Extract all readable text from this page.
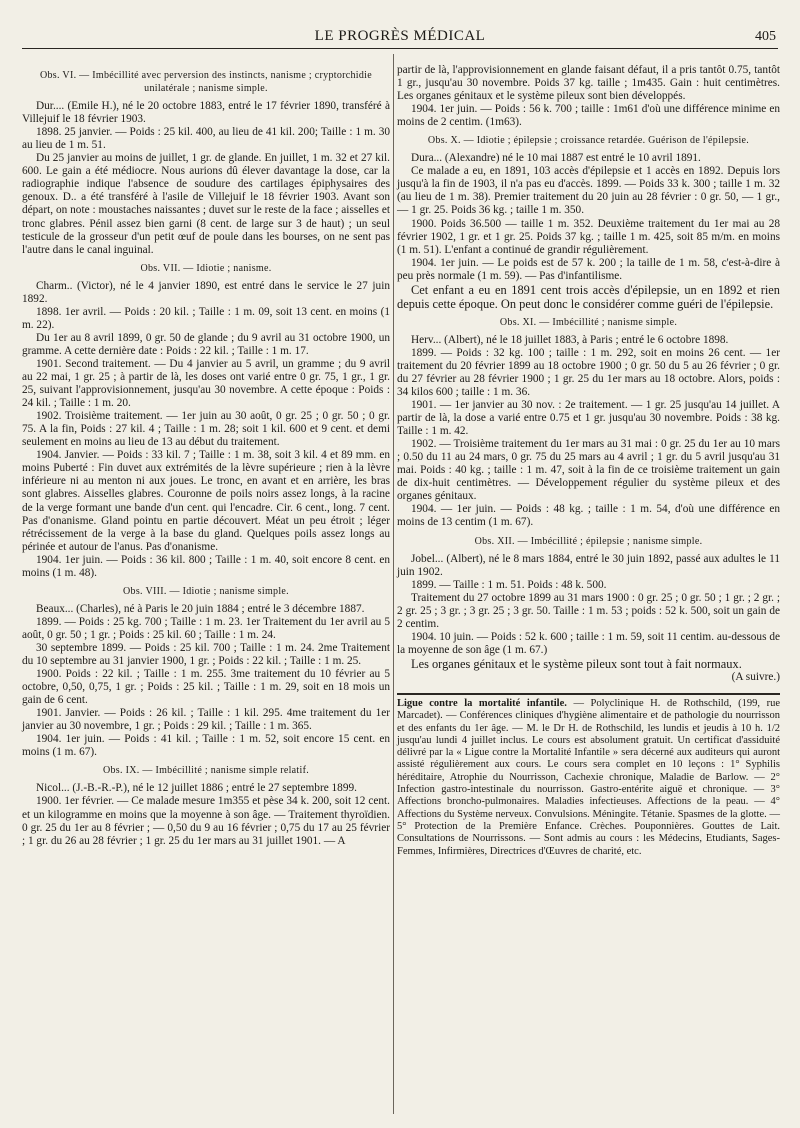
LE PROGRÈS MÉDICAL	405
Obs. VI. — Imbécillité avec perversion des instincts, nanisme ; cryptorchidie unilatérale ; nanisme simple.

Dur.... (Emile H.), né le 20 octobre 1883, entré le 17 février 1890, transféré à Villejuif le 18 février 1903.

1898. 25 janvier. — Poids : 25 kil. 400, au lieu de 41 kil. 200; Taille : 1 m. 30 au lieu de 1 m. 51.

Du 25 janvier au moins de juillet, 1 gr. de glande. En juillet, 1 m. 32 et 27 kil. 600. Le gain a été médiocre. Nous aurions dû élever davantage la dose, car la radiographie indique l'absence de soudure des cartilages épiphysaires des genoux. D.. a été transféré à l'asile de Villejuif le 18 février 1903. Avant son départ, on note : moustaches naissantes ; duvet sur le reste de la face ; aisselles et tronc glabres. Pénil assez bien garni (8 cent. de large sur 3 de haut) ; un seul testicule de la grosseur d'un petit œuf de poule dans les bourses, on ne sent pas l'autre dans le canal inguinal.

Obs. VII. — Idiotie ; nanisme.

Charm.. (Victor), né le 4 janvier 1890, est entré dans le service le 27 juin 1892.

1898. 1er avril. — Poids : 20 kil. ; Taille : 1 m. 09, soit 13 cent. en moins (1 m. 22).

Du 1er au 8 avril 1899, 0 gr. 50 de glande ; du 9 avril au 31 octobre 1900, un gramme. A cette dernière date : Poids : 22 kil. ; Taille : 1 m. 17.

1901. Second traitement. — Du 4 janvier au 5 avril, un gramme ; du 9 avril au 22 mai, 1 gr. 25 ; à partir de là, les doses ont varié entre 0 gr. 75, 1 gr., 1 gr. 25, suivant l'approvisionnement, jusqu'au 30 novembre. A cette époque : Poids : 24 kil. ; Taille : 1 m. 20.

1902. Troisième traitement. — 1er juin au 30 août, 0 gr. 25 ; 0 gr. 50 ; 0 gr. 75. A la fin, Poids : 27 kil. 4 ; Taille : 1 m. 28; soit 1 kil. 600 et 9 cent. et demi seulement en moins au lieu de 13 au début du traitement.

1904. Janvier. — Poids : 33 kil. 7 ; Taille : 1 m. 38, soit 3 kil. 4 et 89 mm. en moins Puberté : Fin duvet aux extrémités de la lèvre supérieure ; rien à la lèvre inférieure ni au menton ni aux joues. Le tronc, en avant et en arrière, les bras sont glabres. Aisselles glabres. Couronne de poils noirs assez longs, à la racine de la verge formant une bande d'un cent. qui l'encadre. Cir. 6 cent., long. 7 cent. Pas d'onanisme. Gland pointu en partie découvert. Méat un peu étroit ; léger rétrécissement de la verge à la base du gland. Quelques poils assez longs au périnée et autour de l'anus. Pas d'onanisme.

1904. 1er juin. — Poids : 36 kil. 800 ; Taille : 1 m. 40, soit encore 8 cent. en moins (1 m. 48).

Obs. VIII. — Idiotie ; nanisme simple.

Beaux... (Charles), né à Paris le 20 juin 1884 ; entré le 3 décembre 1887.

1899. — Poids : 25 kg. 700 ; Taille : 1 m. 23. 1er Traitement du 1er avril au 5 août, 0 gr. 50 ; 1 gr. ; Poids : 25 kil. 60 ; Taille : 1 m. 24.

30 septembre 1899. — Poids : 25 kil. 700 ; Taille : 1 m. 24. 2me Traitement du 10 septembre au 31 janvier 1900, 1 gr. ; Poids : 22 kil. ; Taille : 1 m. 25.

1900. Poids : 22 kil. ; Taille : 1 m. 255. 3me traitement du 10 février au 5 octobre, 0,50, 0,75, 1 gr. ; Poids : 25 kil. ; Taille : 1 m. 29, soit en 18 mois un gain de 6 cent.

1901. Janvier. — Poids : 26 kil. ; Taille : 1 kil. 295. 4me traitement du 1er janvier au 30 novembre, 1 gr. ; Poids : 29 kil. ; Taille : 1 m. 365.

1904. 1er juin. — Poids : 41 kil. ; Taille : 1 m. 52, soit encore 15 cent. en moins (1 m. 67).

Obs. IX. — Imbécillité ; nanisme simple relatif.

Nicol... (J.-B.-R.-P.), né le 12 juillet 1886 ; entré le 27 septembre 1899.

1900. 1er février. — Ce malade mesure 1m355 et pèse 34 k. 200, soit 12 cent. et un kilogramme en moins que la moyenne à son âge. — Traitement thyroïdien. 0 gr. 25 du 1er au 8 février ; — 0,50 du 9 au 16 février ; 0,75 du 17 au 25 février ; 1 gr. du 26 au 28 février ; 1 gr. 25 du 1er mars au 31 juillet 1901. — A

partir de là, l'approvisionnement en glande faisant défaut, il a pris tantôt 0.75, tantôt 1 gr., jusqu'au 30 novembre. Poids 37 kg. taille ; 1m435. Gain : huit centimètres. Les organes génitaux et le système pileux sont bien développés.

1904. 1er juin. — Poids : 56 k. 700 ; taille : 1m61 d'où une différence minime en moins de 2 centim. (1m63).

Obs. X. — Idiotie ; épilepsie ; croissance retardée. Guérison de l'épilepsie.

Dura... (Alexandre) né le 10 mai 1887 est entré le 10 avril 1891.

Ce malade a eu, en 1891, 103 accès d'épilepsie et 1 accès en 1892. Depuis lors jusqu'à la fin de 1903, il n'a pas eu d'accès. 1899. — Poids 33 k. 300 ; taille 1 m. 32 (au lieu de 1 m. 38). Premier traitement du 20 juin au 28 février : 0 gr. 50, — 1 gr., — 1 gr. 25. Poids 36 kg. ; taille 1 m. 350.

1900. Poids 36.500 — taille 1 m. 352. Deuxième traitement du 1er mai au 28 février 1902, 1 gr. et 1 gr. 25. Poids 37 kg. ; taille 1 m. 425, soit 85 m/m. en moins (1 m. 51). L'enfant a continué de grandir régulièrement.

1904. 1er juin. — Le poids est de 57 k. 200 ; la taille de 1 m. 58, c'est-à-dire à peu près normale (1 m. 59). — Pas d'infantilisme.

Cet enfant a eu en 1891 cent trois accès d'épilepsie, un en 1892 et rien depuis cette époque. On peut donc le considérer comme guéri de l'épilepsie.

Obs. XI. — Imbécillité ; nanisme simple.

Herv... (Albert), né le 18 juillet 1883, à Paris ; entré le 6 octobre 1898.

1899. — Poids : 32 kg. 100 ; taille : 1 m. 292, soit en moins 26 cent. — 1er traitement du 20 février 1899 au 18 octobre 1900 ; 0 gr. 50 du 5 au 26 février ; 0 gr. du 27 février au 28 février 1900 ; 1 gr. 25 du 1er mars au 18 octobre. Alors, poids : 34 kilos 600 ; taille : 1 m. 36.

1901. — 1er janvier au 30 nov. : 2e traitement. — 1 gr. 25 jusqu'au 14 juillet. A partir de là, la dose a varié entre 0.75 et 1 gr. jusqu'au 30 novembre. Poids : 38 kg. Taille : 1 m. 42.

1902. — Troisième traitement du 1er mars au 31 mai : 0 gr. 25 du 1er au 10 mars ; 0.50 du 11 au 24 mars, 0 gr. 75 du 25 mars au 4 avril ; 1 gr. du 5 avril jusqu'au 31 mai. Poids : 40 kg. ; taille : 1 m. 47, soit à la fin de ce troisième traitement un gain de dix-huit centimètres. — Développement régulier du système pileux et des organes génitaux.

1904. — 1er juin. — Poids : 48 kg. ; taille : 1 m. 54, d'où une différence en moins de 13 centim (1 m. 67).

Obs. XII. — Imbécillité ; épilepsie ; nanisme simple.

Jobel... (Albert), né le 8 mars 1884, entré le 30 juin 1892, passé aux adultes le 11 juin 1902.

1899. — Taille : 1 m. 51. Poids : 48 k. 500.

Traitement du 27 octobre 1899 au 31 mars 1900 : 0 gr. 25 ; 0 gr. 50 ; 1 gr. ; 2 gr. ; 2 gr. 25 ; 3 gr. ; 3 gr. 25 ; 3 gr. 50. Taille : 1 m. 53 ; poids : 52 k. 500, soit un gain de 2 centim.

1904. 10 juin. — Poids : 52 k. 600 ; taille : 1 m. 59, soit 11 centim. au-dessous de la moyenne de son âge (1 m. 67.)

Les organes génitaux et le système pileux sont tout à fait normaux.

(A suivre.)

Ligue contre la mortalité infantile. — Polyclinique H. de Rothschild, (199, rue Marcadet). — Conférences cliniques d'hygiène alimentaire et de pathologie du nourrisson et des enfants du 1er âge. — M. le Dr H. de Rothschild, les lundis et jeudis à 10 h. 1/2 jusqu'au lundi 4 juillet inclus. Le cours est absolument gratuit. Un certificat d'assiduité délivré par la « Ligue contre la Mortalité Infantile » sera décerné aux auditeurs qui auront assisté régulièrement aux cours. Le cours sera complet en 10 leçons : 1° Syphilis héréditaire, Atrophie du Nourrisson, Cachexie chronique, Maladie de Barlow. — 2° Infection gastro-intestinale du nourrisson. Gastro-entérite aiguë et chronique. — 3° Affections broncho-pulmonaires. Maladies infectieuses. Affections de la peau. — 4° Affections du Système nerveux. Convulsions. Méningite. Tétanie. Spasmes de la glotte. — 5° Protection de la Première Enfance. Crèches. Pouponnières. Gouttes de Lait. Consultations de Nourrissons. — Sont admis au cours : les Médecins, Etudiants, Sages-Femmes, Infirmières, Directrices d'Œuvres de charité, etc.
